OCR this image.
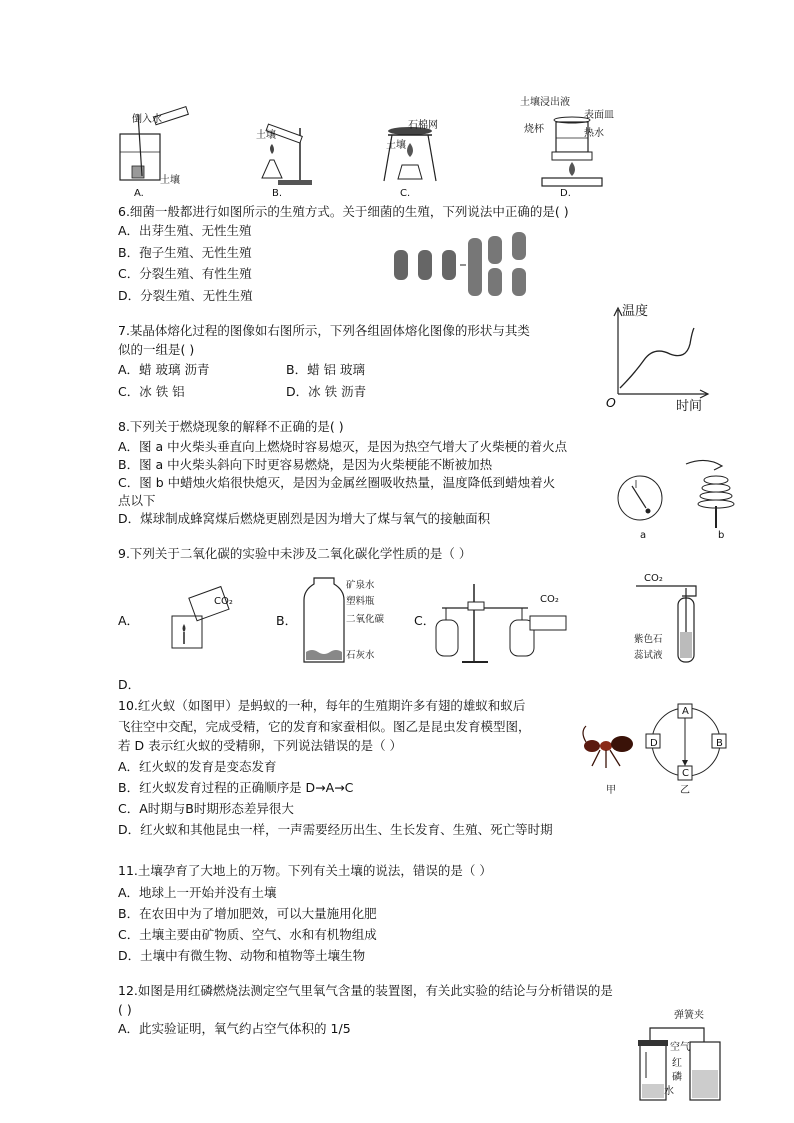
倒入水
土壤
A.
土壤
B.
土壤
石棉网
C.
土壤浸出液
表面皿
烧杯	热水
D.
6.细菌一般都进行如图所示的生殖方式。关于细菌的生殖，下列说法中正确的是( )
A．出芽生殖、无性生殖
B．孢子生殖、无性生殖
C．分裂生殖、有性生殖
D．分裂生殖、无性生殖
7.某晶体熔化过程的图像如右图所示，下列各组固体熔化图像的形状与其类
似的一组是( )
A．蜡 玻璃 沥青	B．蜡 铝 玻璃
C．冰 铁 铝	D．冰 铁 沥青
温度
时间
O
8.下列关于燃烧现象的解释不正确的是( )
A．图 a 中火柴头垂直向上燃烧时容易熄灭，是因为热空气增大了火柴梗的着火点
B．图 a 中火柴头斜向下时更容易燃烧，是因为火柴梗能不断被加热
C．图 b 中蜡烛火焰很快熄灭，是因为金属丝圈吸收热量，温度降低到蜡烛着火
点以下
D．煤球制成蜂窝煤后燃烧更剧烈是因为增大了煤与氧气的接触面积
a	b
9.下列关于二氧化碳的实验中未涉及二氧化碳化学性质的是（ ）
A．
CO₂
B．
矿泉水
塑料瓶
二氧化碳
石灰水
C．
CO₂
CO₂
紫色石
蕊试液
D．
10.红火蚁（如图甲）是蚂蚁的一种，每年的生殖期许多有翅的雄蚁和蚁后
飞往空中交配，完成受精，它的发育和家蚕相似。图乙是昆虫发育模型图，
若 D 表示红火蚁的受精卵，下列说法错误的是（ ）
A．红火蚁的发育是变态发育
B．红火蚁发育过程的正确顺序是 D→A→C
C．A时期与B时期形态差异很大
D．红火蚁和其他昆虫一样，一声需要经历出生、生长发育、生殖、死亡等时期
甲
A
B
C
D
乙
11.土壤孕育了大地上的万物。下列有关土壤的说法，错误的是（ ）
A．地球上一开始并没有土壤
B．在农田中为了增加肥效，可以大量施用化肥
C．土壤主要由矿物质、空气、水和有机物组成
D．土壤中有微生物、动物和植物等土壤生物
12.如图是用红磷燃烧法测定空气里氧气含量的装置图，有关此实验的结论与分析错误的是
( )
A．此实验证明，氧气约占空气体积的 1/5
弹簧夹
空气
红
磷
水
